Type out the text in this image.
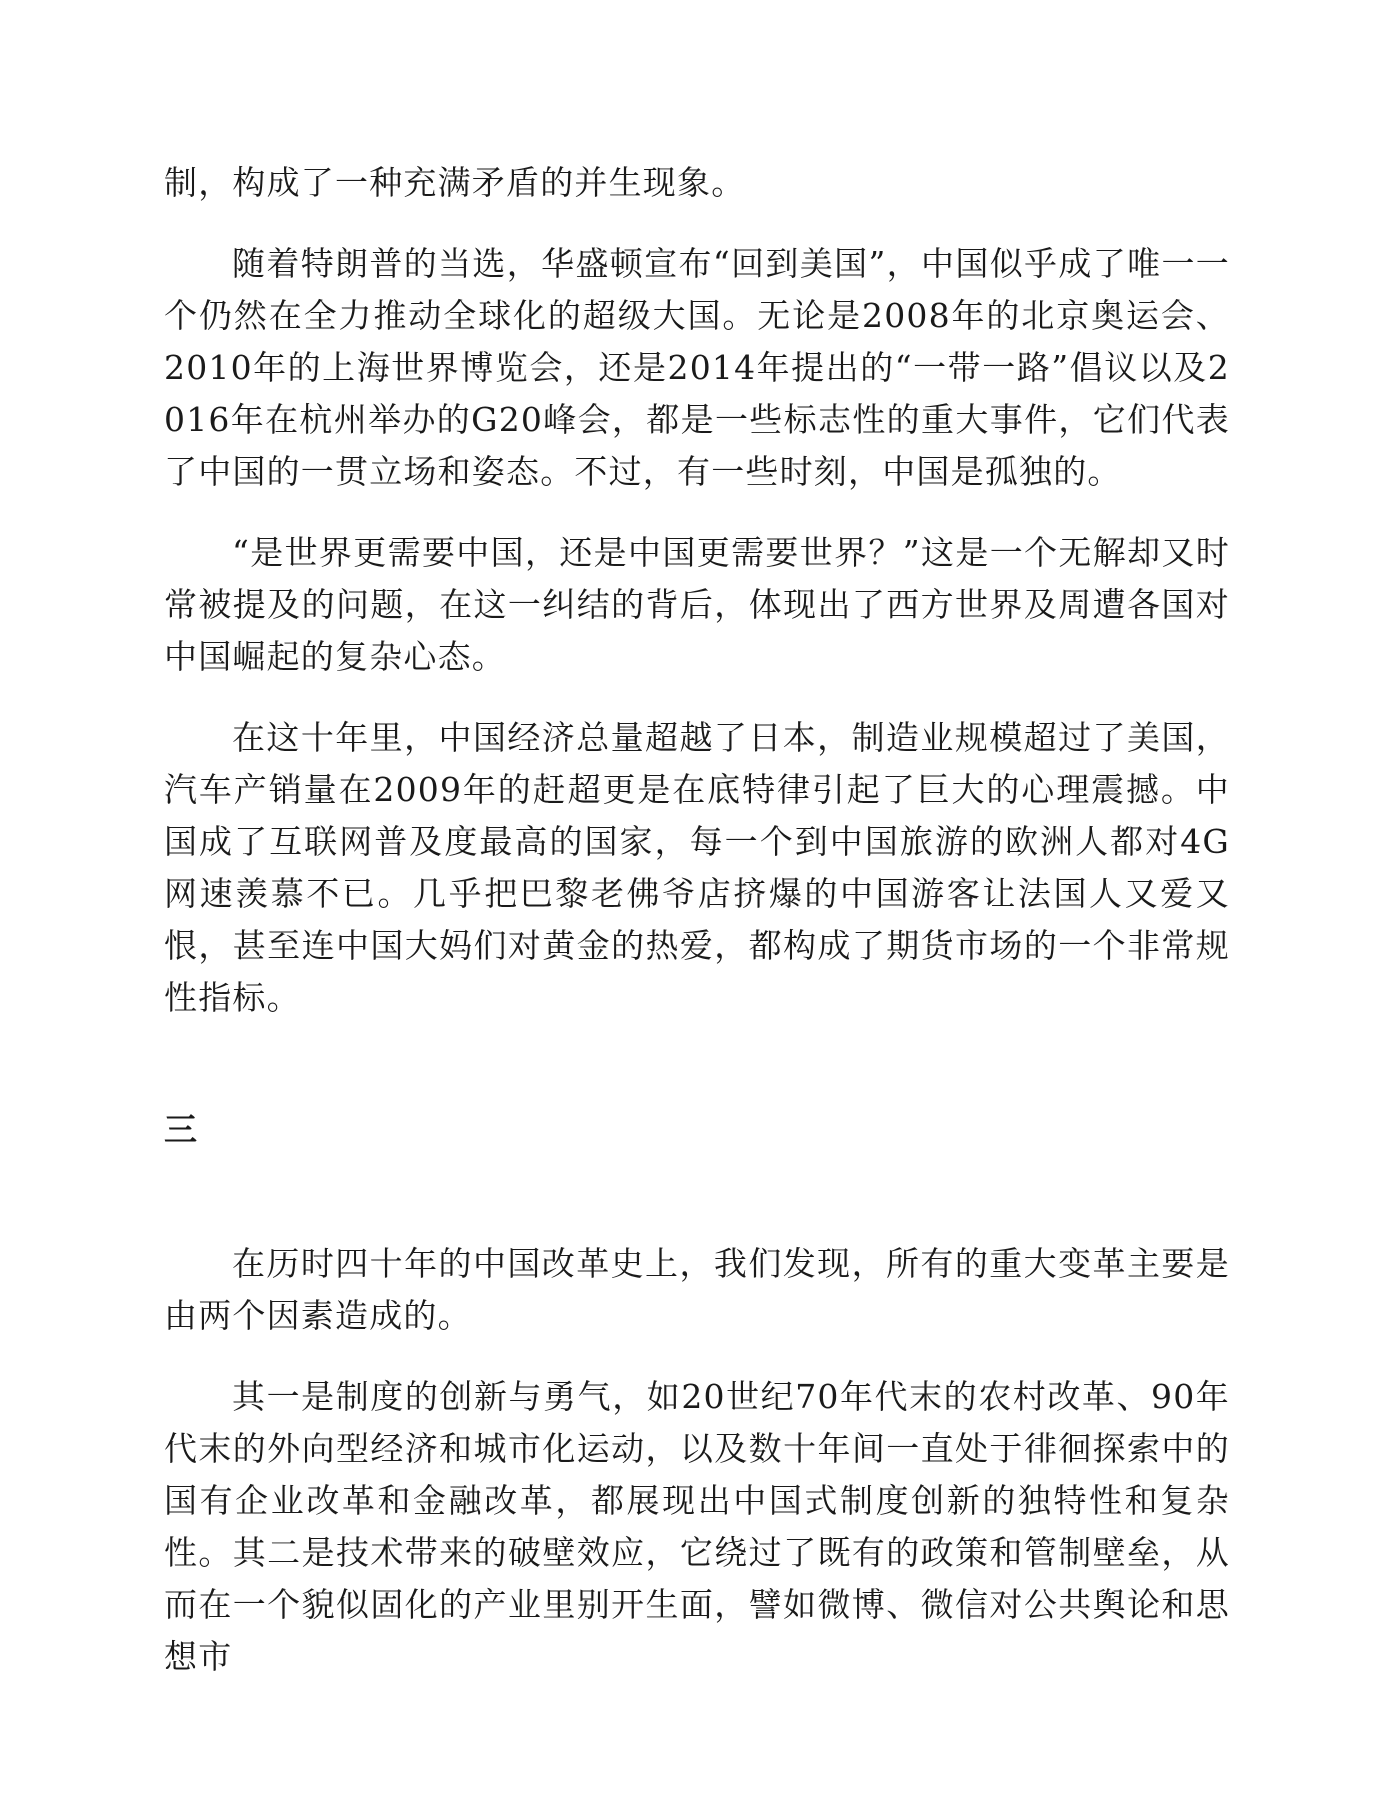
制，构成了一种充满矛盾的并生现象。

随着特朗普的当选，华盛顿宣布“回到美国”，中国似乎成了唯一一个仍然在全力推动全球化的超级大国。无论是2008年的北京奥运会、2010年的上海世界博览会，还是2014年提出的“一带一路”倡议以及2016年在杭州举办的G20峰会，都是一些标志性的重大事件，它们代表了中国的一贯立场和姿态。不过，有一些时刻，中国是孤独的。

“是世界更需要中国，还是中国更需要世界？”这是一个无解却又时常被提及的问题，在这一纠结的背后，体现出了西方世界及周遭各国对中国崛起的复杂心态。

在这十年里，中国经济总量超越了日本，制造业规模超过了美国，汽车产销量在2009年的赶超更是在底特律引起了巨大的心理震撼。中国成了互联网普及度最高的国家，每一个到中国旅游的欧洲人都对4G网速羡慕不已。几乎把巴黎老佛爷店挤爆的中国游客让法国人又爱又恨，甚至连中国大妈们对黄金的热爱，都构成了期货市场的一个非常规性指标。

三

在历时四十年的中国改革史上，我们发现，所有的重大变革主要是由两个因素造成的。

其一是制度的创新与勇气，如20世纪70年代末的农村改革、90年代末的外向型经济和城市化运动，以及数十年间一直处于徘徊探索中的国有企业改革和金融改革，都展现出中国式制度创新的独特性和复杂性。其二是技术带来的破壁效应，它绕过了既有的政策和管制壁垒，从而在一个貌似固化的产业里别开生面，譬如微博、微信对公共舆论和思想市
